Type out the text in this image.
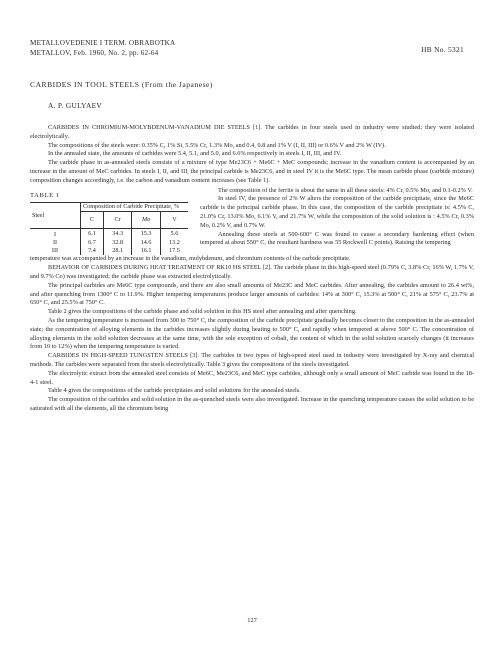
METALLOVEDENIE I TERM. OBRABOTKA
METALLOV, Feb. 1960, No. 2, pp. 62-64	HB No. 5321
CARBIDES IN TOOL STEELS (From the Japanese)
A. P. GULYAEV

CARBIDES IN CHROMIUM-MOLYBDENUM-VANADIUM DIE STEELS [1]. The carbides in four steels used in industry were studied; they were isolated electrolytically.

The compositions of the steels were: 0.35% C, 1% Si, 5.5% Cr, 1.3% Mo, and 0.4, 0.8 and 1% V (I, II, III) or 0.6% V and 2% W (IV).

In the annealed state, the amounts of carbides were 5.4, 5.1, and 5.0, and 6.6% respectively in steels I, II, III, and IV.

The carbide phase in as-annealed steels consists of a mixture of type Me23C6 + Me6C + MeC compounds; increase in the vanadium content is accompanied by an increase in the amount of MeC carbides. In steels I, II, and III, the principal carbide is Me23C6, and in steel IV it is the Me6C type. The mean carbide phase (carbide mixture) composition changes accordingly, i.e. the carbon and vanadium content increases (see Table 1).

TABLE 1
Steel	Composition of Carbide Precipitate, %			
	C	Cr	Mo	V
I	6.1	34.3	15.3	5.6
II	6.7	32.8	14.6	13.2
III	7.4	28.1	16.1	17.5

The composition of the ferrite is about the same in all these steels: 4% Cr, 0.5% Mo, and 0.1-0.2% V.

In steel IV, the presence of 2% W alters the composition of the carbide precipitate, since the Me6C carbide is the principal carbide phase. In this case, the composition of the carbide precipitate is: 4.5% C, 21.0% Cr, 13.0% Mo, 6.1% V, and 21.7% W, while the composition of the solid solution is : 4.5% Cr, 0.3% Mo, 0.2% V, and 0.7% W.

Annealing these steels at 500-600° C was found to cause a secondary hardening effect (when tempered at about 550° C, the resultant hardness was 55 Rockwell C points). Raising the tempering

temperature was accompanied by an increase in the vanadium, molybdenum, and chromium contents of the carbide precipitate.

BEHAVIOR OF CARBIDES DURING HEAT TREATMENT OF RK10 HS STEEL [2]. The carbide phase in this high-speed steel (0.79% C, 3.8% Cr, 16% W, 1.7% V, and 9.7% Co) was investigated; the carbide phase was extracted electrolytically.

The principal carbides are Me6C type compounds, and there are also small amounts of Me23C and MeC carbides. After annealing, the carbides amount to 26.4 wt%, and after quenching from 1300° C to 11.9%. Higher tempering temperatures produce larger amounts of carbides: 14% at 300° C, 15.3% at 500° C, 21% at 575° C, 23.7% at 650° C, and 25.5% at 750° C.

Table 2 gives the compositions of the carbide phase and solid solution in this HS steel after annealing and after quenching.

As the tempering temperature is increased from 300 to 750° C, the composition of the carbide precipitate gradually becomes closer to the composition in the as-annealed state; the concentration of alloying elements in the carbides increases slightly during heating to 500° C, and rapidly when tempered at above 500° C. The concentration of alloying elements in the solid solution decreases at the same time, with the sole exception of cobalt, the content of which in the solid solution scarcely changes (it increases from 10 to 12%) when the tempering temperature is varied.

CARBIDES IN HIGH-SPEED TUNGSTEN STEELS [3]. The carbides in two types of high-speed steel used in industry were investigated by X-ray and chemical methods. The carbides were separated from the steels electrolytically. Table 3 gives the compositions of the steels investigated.

The electrolytic extract from the annealed steel consists of Me6C, Me23C6, and MeC type carbides, although only a small amount of MeC carbide was found in the 18-4-1 steel.

Table 4 gives the compositions of the carbide precipitates and solid solutions for the annealed steels.

The composition of the carbides and solid solution in the as-quenched steels were also investigated. Increase in the quenching temperature causes the solid solution to be saturated with all the elements, all the chromium being

127
